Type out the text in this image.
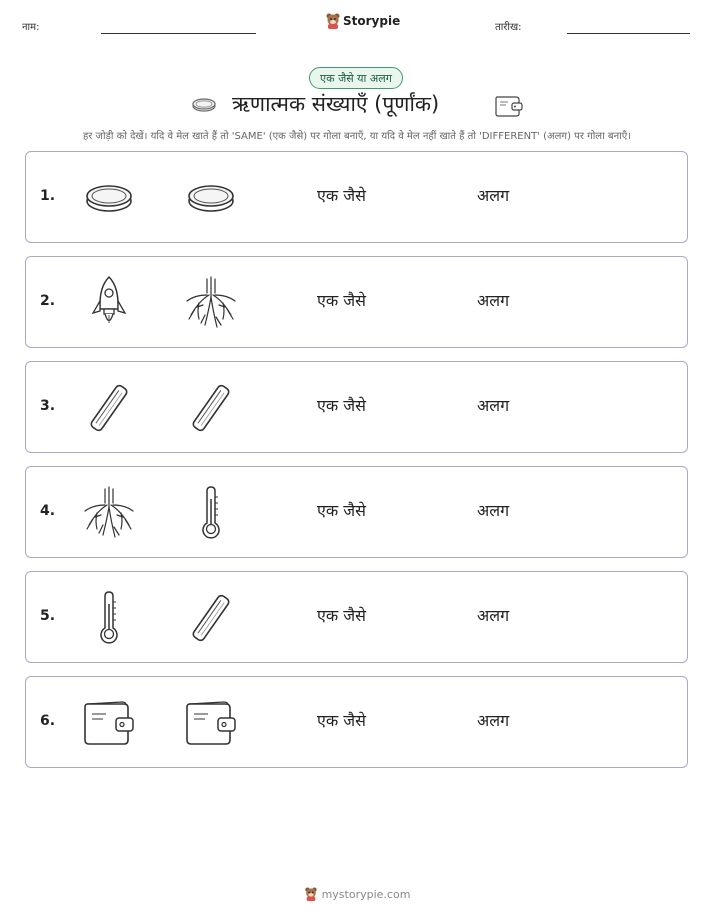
नाम:	Storypie	तारीख:
एक जैसे या अलग
ऋणात्मक संख्याएँ (पूर्णांक)
हर जोड़ी को देखें। यदि वे मेल खाते हैं तो 'SAME' (एक जैसे) पर गोला बनाएँ, या यदि वे मेल नहीं खाते हैं तो 'DIFFERENT' (अलग) पर गोला बनाएँ।
1.	एक जैसे	अलग
2.	एक जैसे	अलग
3.	एक जैसे	अलग
4.	एक जैसे	अलग
5.	एक जैसे	अलग
6.	एक जैसे	अलग
mystorypie.com
